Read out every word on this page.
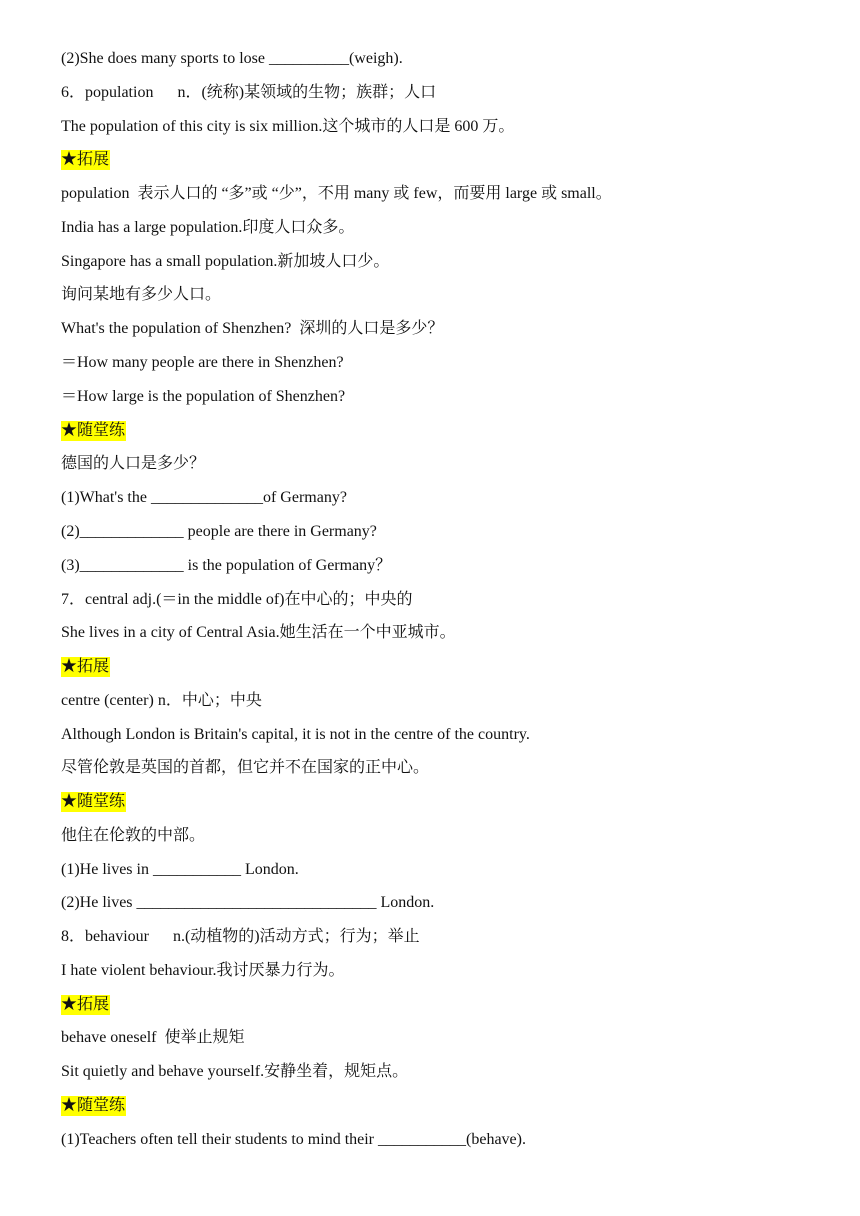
(2)She does many sports to lose __________(weigh).
6．population      n．(统称)某领域的生物；族群；人口
The population of this city is six million.这个城市的人口是 600 万。
★拓展
population  表示人口的 “多”或 “少”，不用 many 或 few，而要用 large 或 small。
India has a large population.印度人口众多。
Singapore has a small population.新加坡人口少。
询问某地有多少人口。
What's the population of Shenzhen?  深圳的人口是多少？
＝How many people are there in Shenzhen?
＝How large is the population of Shenzhen?
★随堂练
德国的人口是多少？
(1)What's the ______________of Germany?
(2)_____________ people are there in Germany?
(3)_____________ is the population of Germany？
7．central adj.(＝in the middle of)在中心的；中央的
She lives in a city of Central Asia.她生活在一个中亚城市。
★拓展
centre (center) n．中心；中央
Although London is Britain's capital, it is not in the centre of the country.
尽管伦敦是英国的首都，但它并不在国家的正中心。
★随堂练
他住在伦敦的中部。
(1)He lives in ___________ London.
(2)He lives ______________________________ London.
8．behaviour      n.(动植物的)活动方式；行为；举止
I hate violent behaviour.我讨厌暴力行为。
★拓展
behave oneself  使举止规矩
Sit quietly and behave yourself.安静坐着，规矩点。
★随堂练
(1)Teachers often tell their students to mind their ___________(behave).
